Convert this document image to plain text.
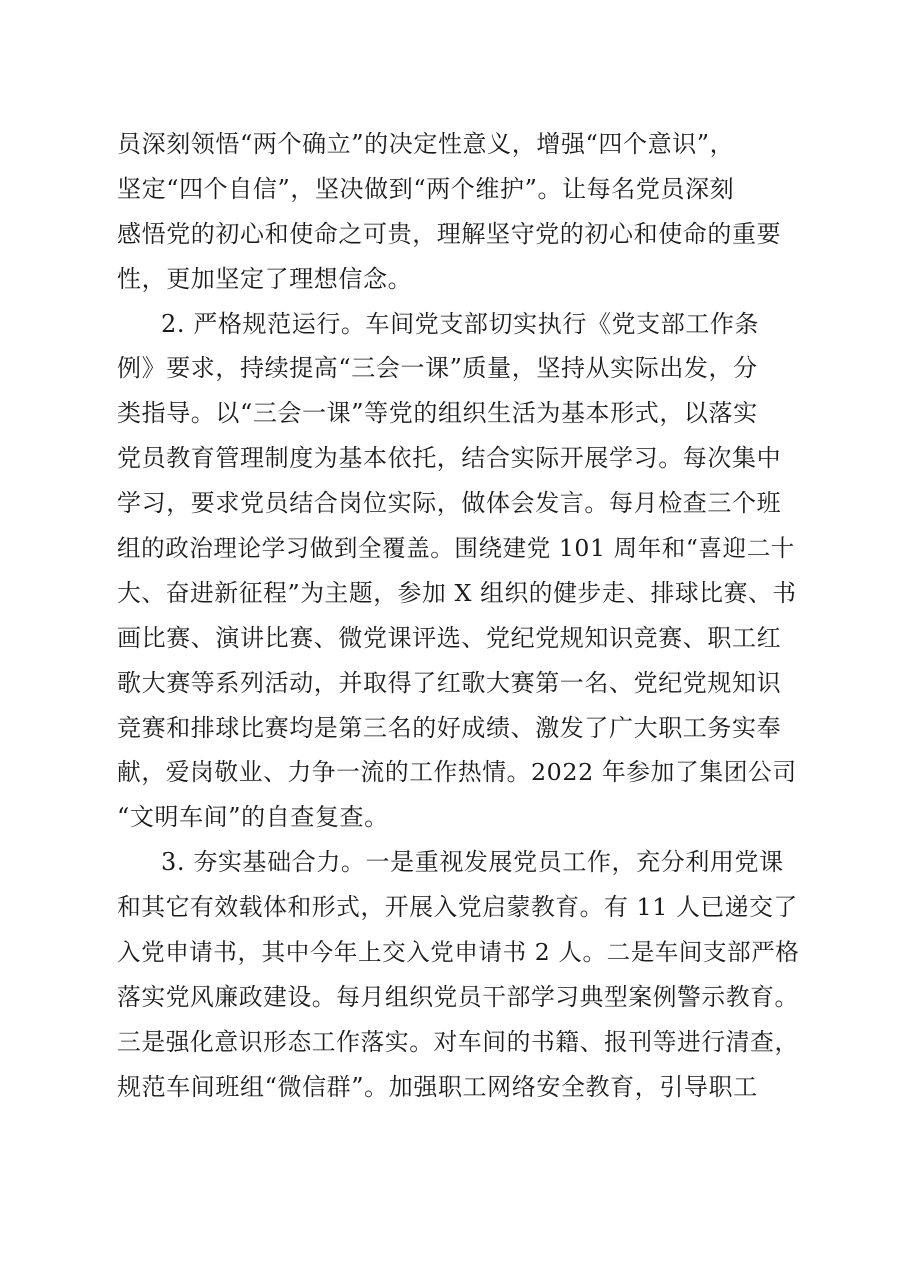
员深刻领悟“两个确立”的决定性意义，增强“四个意识”，
坚定“四个自信”，坚决做到“两个维护”。让每名党员深刻
感悟党的初心和使命之可贵，理解坚守党的初心和使命的重要
性，更加坚定了理想信念。
2. 严格规范运行。车间党支部切实执行《党支部工作条
例》要求，持续提高“三会一课”质量，坚持从实际出发，分
类指导。以“三会一课”等党的组织生活为基本形式，以落实
党员教育管理制度为基本依托，结合实际开展学习。每次集中
学习，要求党员结合岗位实际，做体会发言。每月检查三个班
组的政治理论学习做到全覆盖。围绕建党 101 周年和“喜迎二十
大、奋进新征程”为主题，参加 X 组织的健步走、排球比赛、书
画比赛、演讲比赛、微党课评选、党纪党规知识竞赛、职工红
歌大赛等系列活动，并取得了红歌大赛第一名、党纪党规知识
竞赛和排球比赛均是第三名的好成绩、激发了广大职工务实奉
献，爱岗敬业、力争一流的工作热情。2022 年参加了集团公司
“文明车间”的自查复查。
3. 夯实基础合力。一是重视发展党员工作，充分利用党课
和其它有效载体和形式，开展入党启蒙教育。有 11 人已递交了
入党申请书，其中今年上交入党申请书 2 人。二是车间支部严格
落实党风廉政建设。每月组织党员干部学习典型案例警示教育。
三是强化意识形态工作落实。对车间的书籍、报刊等进行清查，
规范车间班组“微信群”。加强职工网络安全教育，引导职工
